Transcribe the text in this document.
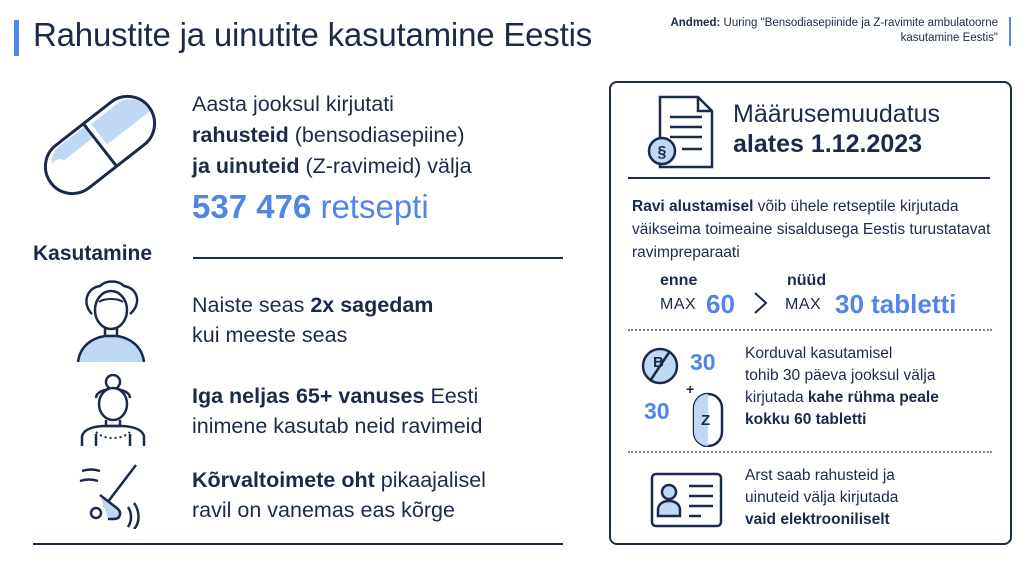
Rahustite ja uinutite kasutamine Eestis	Andmed: Uuring "Bensodiasepiinide ja Z-ravimite ambulatoorne kasutamine Eestis"
Aasta jooksul kirjutati
rahusteid (bensodiasepiine)
ja uinuteid (Z-ravimeid) välja
537 476 retsepti
Kasutamine
Naiste seas 2x sagedam
kui meeste seas
Iga neljas 65+ vanuses Eesti
inimene kasutab neid ravimeid
Kõrvaltoimete oht pikaajalisel
ravil on vanemas eas kõrge
§
Määrusemuudatus
alates 1.12.2023
Ravi alustamisel võib ühele retseptile kirjutada väikseima toimeaine sisaldusega Eestis turustatavat ravimpreparaati
enne
MAX 60
nüüd
MAX 30 tabletti
+
B
Z
30
30
Korduval kasutamisel
tohib 30 päeva jooksul välja
kirjutada kahe rühma peale
kokku 60 tabletti
Arst saab rahusteid ja
uinuteid välja kirjutada
vaid elektrooniliselt
